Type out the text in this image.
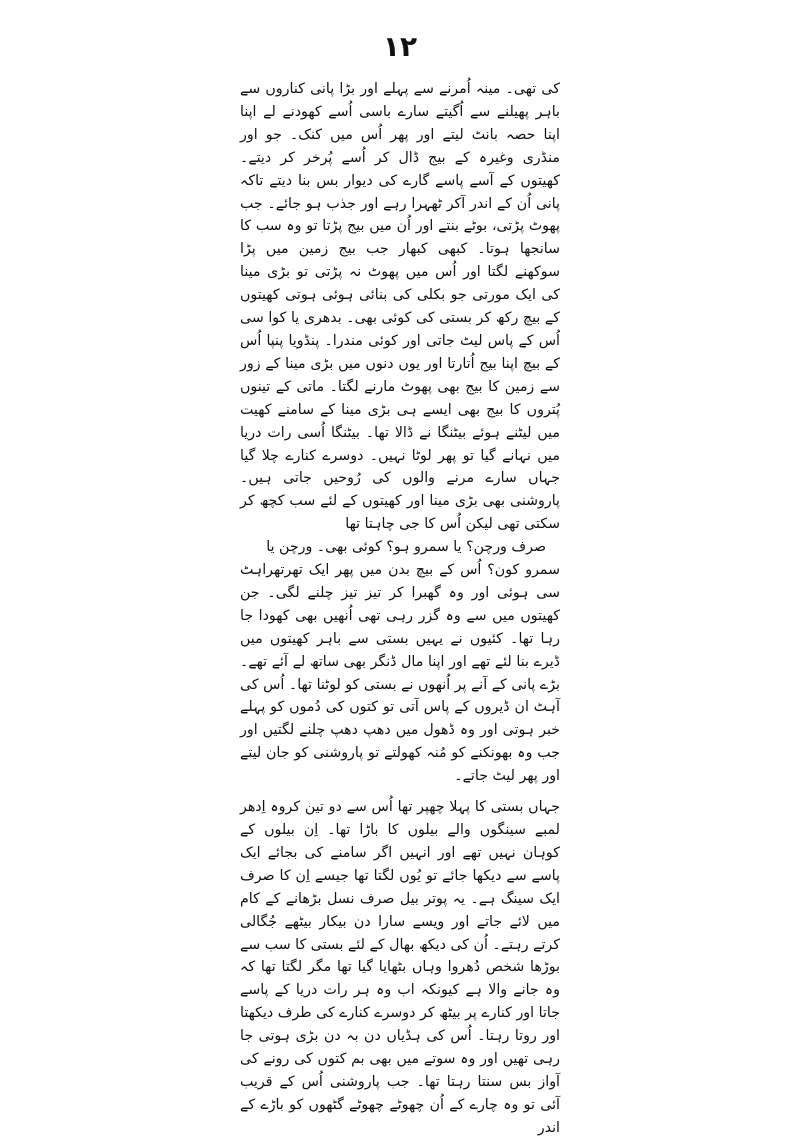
۱۲

کی تھی۔ مینہ اُمرنے سے پہلے اور بڑا پانی کناروں سے باہر پھیلنے سے اُگیتے سارے باسی اُسے کھودنے لے اپنا اپنا حصہ بانٹ لیتے اور پھر اُس میں کنک۔ جو اور منڈری وغیرہ کے بیج ڈال کر اُسے پُرخر کر دیتے۔ کھیتوں کے آسے پاسے گارے کی دیوار بس بنا دیتے تاکہ پانی اُن کے اندر آکر ٹھہرا رہے اور جذب ہو جائے۔ جب پھوٹ پڑتی، بوٹے بنتے اور اُن میں بیج پڑتا تو وہ سب کا سانجھا ہوتا۔ کبھی کبھار جب بیج زمین میں پڑا سوکھنے لگتا اور اُس میں پھوٹ نہ پڑتی تو بڑی مینا کی ایک مورتی جو بکلی کی بنائی ہوئی ہوتی کھیتوں کے بیچ رکھ کر بستی کی کوئی بھی۔ بدھری یا کوا سی اُس کے پاس لیٹ جاتی اور کوئی مندرا۔ پنڈویا پنپا اُس کے بیچ اپنا بیج اُتارتا اور یوں دنوں میں بڑی مینا کے زور سے زمین کا بیج بھی پھوٹ مارنے لگتا۔ ماتی کے تینوں پُتروں کا بیج بھی ایسے ہی بڑی مینا کے سامنے کھیت میں لیٹنے ہوئے بیٹنگا نے ڈالا تھا۔ بیٹنگا اُسی رات دریا میں نہانے گیا تو پھر لوٹا نہیں۔ دوسرے کنارے چلا گیا جہاں سارے مرنے والوں کی رُوحیں جاتی ہیں۔ پاروشنی بھی بڑی مینا اور کھیتوں کے لئے سب کچھ کر سکتی تھی لیکن اُس کا جی چاہتا تھا

صرف ورچن؟ یا سمرو ہو؟ کوئی بھی۔ ورچن یا

سمرو کون؟ اُس کے بیچ بدن میں پھر ایک تھرتھراہٹ سی ہوئی اور وہ گھبرا کر تیز تیز چلنے لگی۔ جن کھیتوں میں سے وہ گزر رہی تھی اُنھیں بھی کھودا جا رہا تھا۔ کئیوں نے یہیں بستی سے باہر کھیتوں میں ڈیرے بنا لئے تھے اور اپنا مال ڈنگر بھی ساتھ لے آئے تھے۔ بڑے پانی کے آنے پر اُنھوں نے بستی کو لوٹنا تھا۔ اُس کی آہٹ ان ڈیروں کے پاس آتی تو کتوں کی دُموں کو پہلے خبر ہوتی اور وہ ڈھول میں دھپ دھپ چلنے لگتیں اور جب وہ بھونکنے کو مُنہ کھولتے تو پاروشنی کو جان لیتے اور پھر لیٹ جاتے۔

جہاں بستی کا پہلا چھپر تھا اُس سے دو تین کروہ اِدھر لمبے سینگوں والے بیلوں کا باڑا تھا۔ اِن بیلوں کے کوہان نہیں تھے اور انہیں اگر سامنے کی بجائے ایک پاسے سے دیکھا جائے تو یُوں لگتا تھا جیسے اِن کا صرف ایک سینگ ہے۔ یہ پوتر بیل صرف نسل بڑھانے کے کام میں لائے جاتے اور ویسے سارا دن بیکار بیٹھے جُگالی کرتے رہتے۔ اُن کی دیکھ بھال کے لئے بستی کا سب سے بوڑھا شخص دُھروا وہاں بٹھایا گیا تھا مگر لگتا تھا کہ وہ جانے والا ہے کیونکہ اب وہ ہر رات دریا کے پاسے جاتا اور کنارے پر بیٹھ کر دوسرے کنارے کی طرف دیکھتا اور روتا رہتا۔ اُس کی ہڈیاں دن بہ دن بڑی ہوتی جا رہی تھیں اور وہ سوتے میں بھی بم کتوں کی رونے کی آواز بس سنتا رہتا تھا۔ جب پاروشنی اُس کے قریب آئی تو وہ چارے کے اُن چھوٹے چھوٹے گٹھوں کو باڑے کے اندر
